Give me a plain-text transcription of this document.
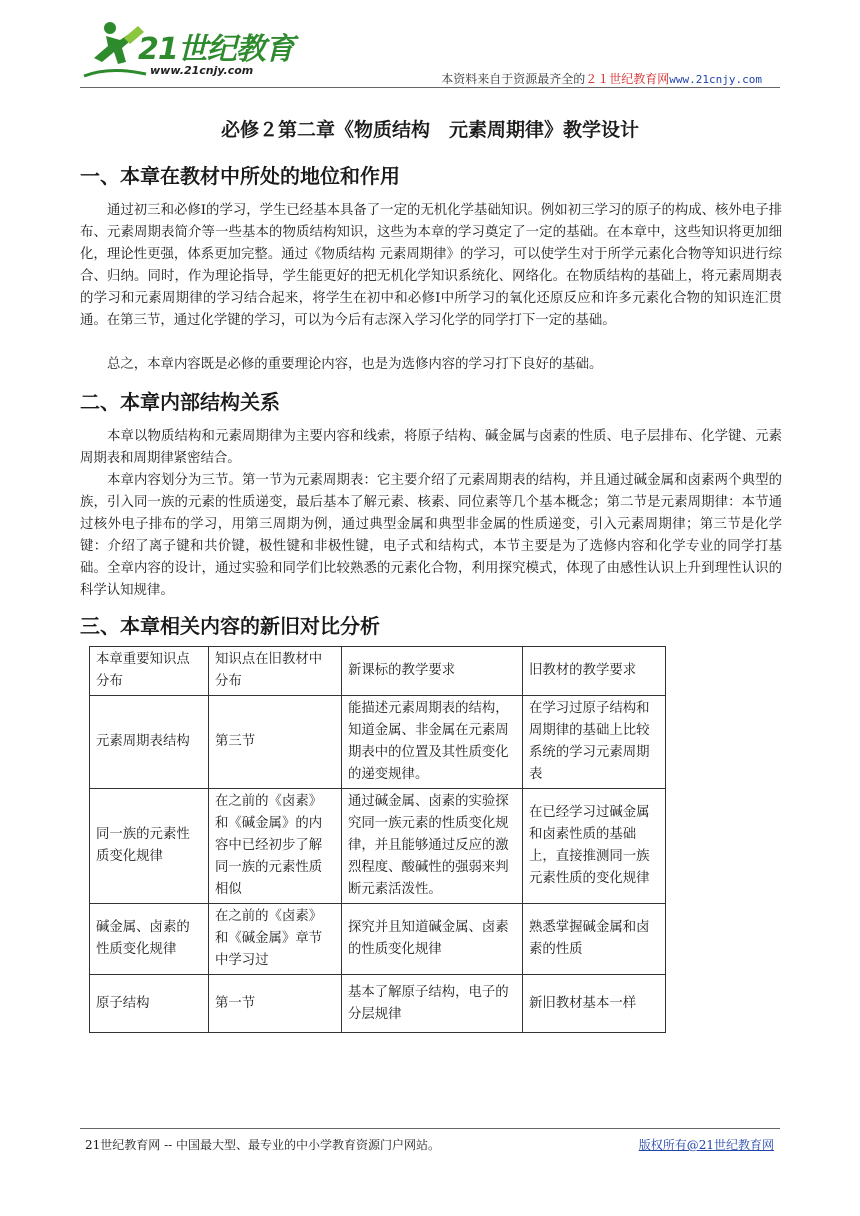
21世纪教育
www.21cnjy.com
本资料来自于资源最齐全的２１世纪教育网www.21cnjy.com
必修２第二章《物质结构　元素周期律》教学设计
一、本章在教材中所处的地位和作用

通过初三和必修Ⅰ的学习，学生已经基本具备了一定的无机化学基础知识。例如初三学习的原子的构成、核外电子排布、元素周期表简介等一些基本的物质结构知识，这些为本章的学习奠定了一定的基础。在本章中，这些知识将更加细化，理论性更强，体系更加完整。通过《物质结构 元素周期律》的学习，可以使学生对于所学元素化合物等知识进行综合、归纳。同时，作为理论指导，学生能更好的把无机化学知识系统化、网络化。在物质结构的基础上，将元素周期表的学习和元素周期律的学习结合起来，将学生在初中和必修Ⅰ中所学习的氧化还原反应和许多元素化合物的知识连汇贯通。在第三节，通过化学键的学习，可以为今后有志深入学习化学的同学打下一定的基础。

总之，本章内容既是必修的重要理论内容，也是为选修内容的学习打下良好的基础。

二、本章内部结构关系

本章以物质结构和元素周期律为主要内容和线索，将原子结构、碱金属与卤素的性质、电子层排布、化学键、元素周期表和周期律紧密结合。

本章内容划分为三节。第一节为元素周期表：它主要介绍了元素周期表的结构，并且通过碱金属和卤素两个典型的族，引入同一族的元素的性质递变，最后基本了解元素、核素、同位素等几个基本概念；第二节是元素周期律：本节通过核外电子排布的学习，用第三周期为例，通过典型金属和典型非金属的性质递变，引入元素周期律；第三节是化学键：介绍了离子键和共价键，极性键和非极性键，电子式和结构式，本节主要是为了选修内容和化学专业的同学打基础。全章内容的设计，通过实验和同学们比较熟悉的元素化合物，利用探究模式，体现了由感性认识上升到理性认识的科学认知规律。

三、本章相关内容的新旧对比分析
本章重要知识点分布	知识点在旧教材中分布	新课标的教学要求	旧教材的教学要求
元素周期表结构	第三节	能描述元素周期表的结构，知道金属、非金属在元素周期表中的位置及其性质变化的递变规律。	在学习过原子结构和周期律的基础上比较系统的学习元素周期表
同一族的元素性质变化规律	在之前的《卤素》和《碱金属》的内容中已经初步了解同一族的元素性质相似	通过碱金属、卤素的实验探究同一族元素的性质变化规律，并且能够通过反应的激烈程度、酸碱性的强弱来判断元素活泼性。	在已经学习过碱金属和卤素性质的基础上，直接推测同一族元素性质的变化规律
碱金属、卤素的性质变化规律	在之前的《卤素》和《碱金属》章节中学习过	探究并且知道碱金属、卤素的性质变化规律	熟悉掌握碱金属和卤素的性质
原子结构	第一节	基本了解原子结构，电子的分层规律	新旧教材基本一样
21世纪教育网 -- 中国最大型、最专业的中小学教育资源门户网站。	版权所有@21世纪教育网
